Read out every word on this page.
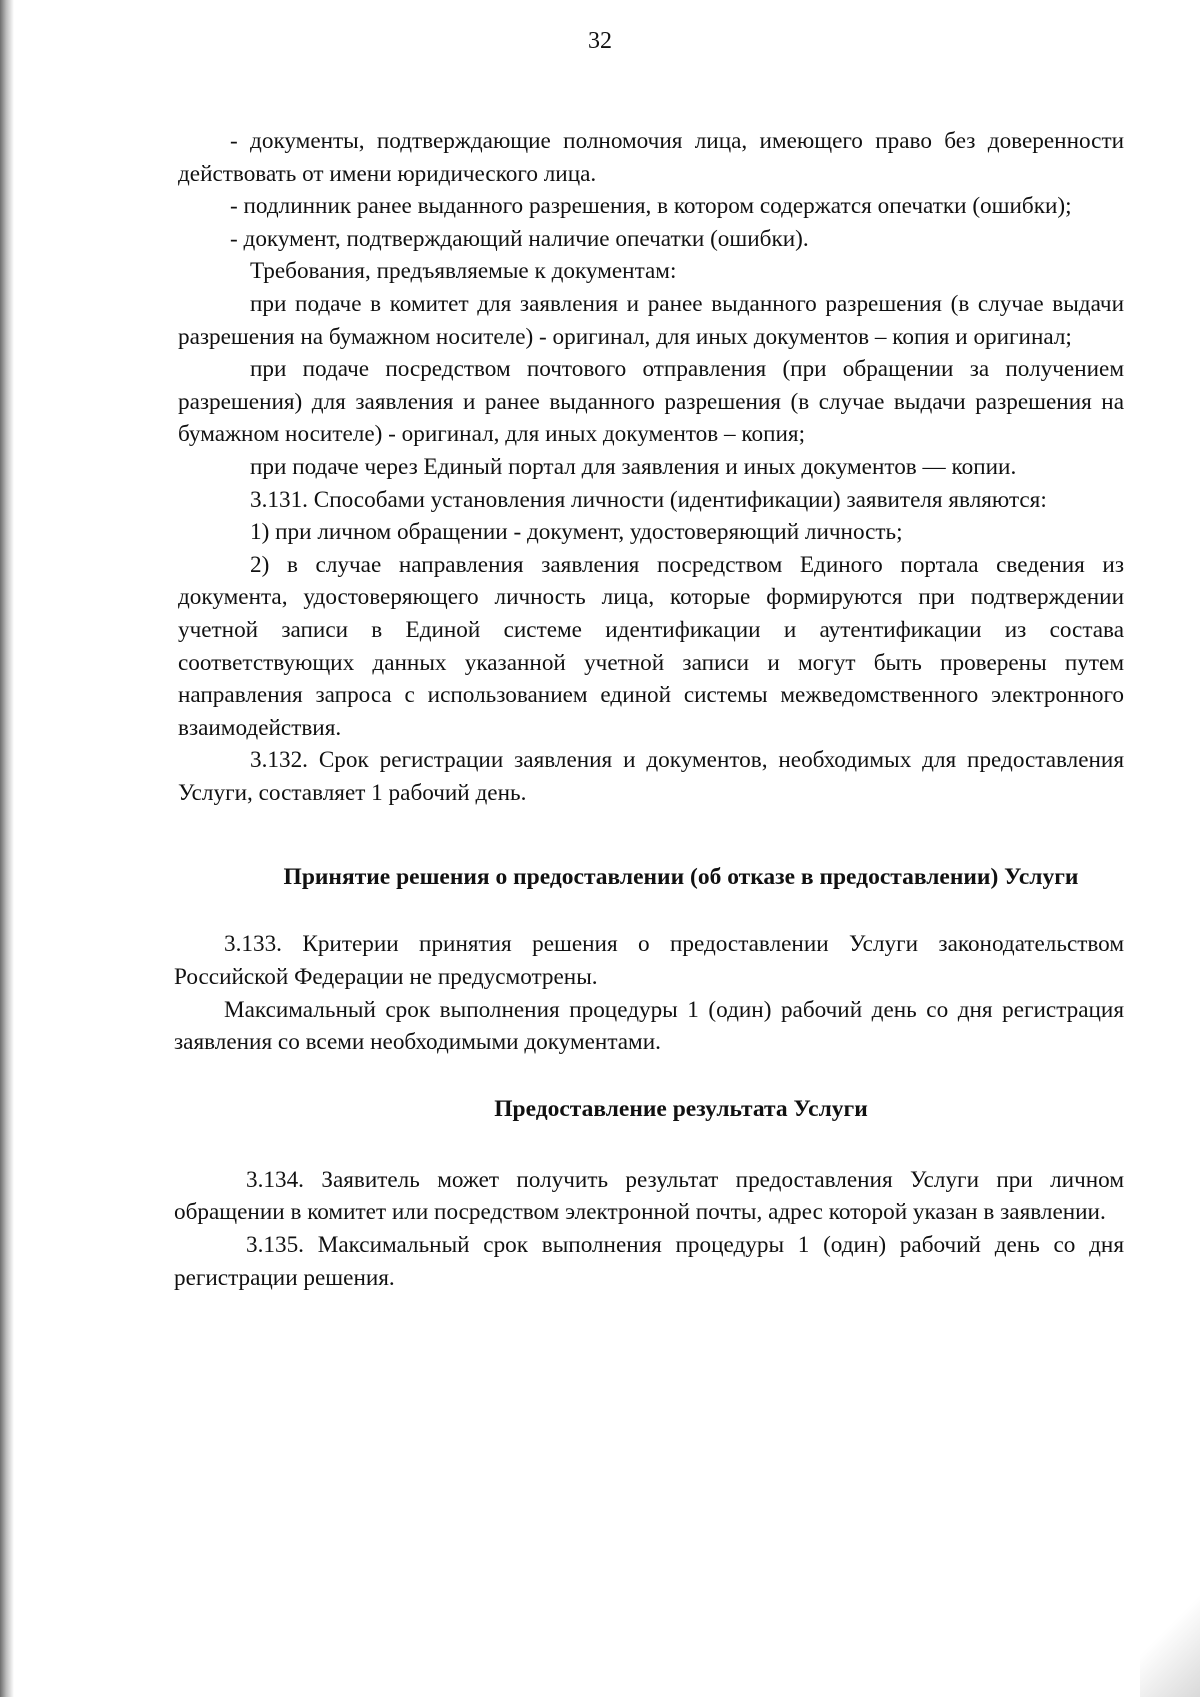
32

- документы, подтверждающие полномочия лица, имеющего право без доверенности действовать от имени юридического лица.

- подлинник ранее выданного разрешения, в котором содержатся опечатки (ошибки);

- документ, подтверждающий наличие опечатки (ошибки).

Требования, предъявляемые к документам:

при подаче в комитет для заявления и ранее выданного разрешения (в случае выдачи разрешения на бумажном носителе) - оригинал, для иных документов – копия и оригинал;

при подаче посредством почтового отправления (при обращении за получением разрешения) для заявления и ранее выданного разрешения (в случае выдачи разрешения на бумажном носителе) - оригинал, для иных документов – копия;

при подаче через Единый портал для заявления и иных документов — копии.

3.131. Способами установления личности (идентификации) заявителя являются:

1) при личном обращении - документ, удостоверяющий личность;

2) в случае направления заявления посредством Единого портала сведения из документа, удостоверяющего личность лица, которые формируются при подтверждении учетной записи в Единой системе идентификации и аутентификации из состава соответствующих данных указанной учетной записи и могут быть проверены путем направления запроса с использованием единой системы межведомственного электронного взаимодействия.

3.132. Срок регистрации заявления и документов, необходимых для предоставления Услуги, составляет 1 рабочий день.

Принятие решения о предоставлении (об отказе в предоставлении) Услуги

3.133. Критерии принятия решения о предоставлении Услуги законодательством Российской Федерации не предусмотрены.

Максимальный срок выполнения процедуры 1 (один) рабочий день со дня регистрация заявления со всеми необходимыми документами.

Предоставление результата Услуги

3.134. Заявитель может получить результат предоставления Услуги при личном обращении в комитет или посредством электронной почты, адрес которой указан в заявлении.

3.135. Максимальный срок выполнения процедуры 1 (один) рабочий день со дня регистрации решения.
